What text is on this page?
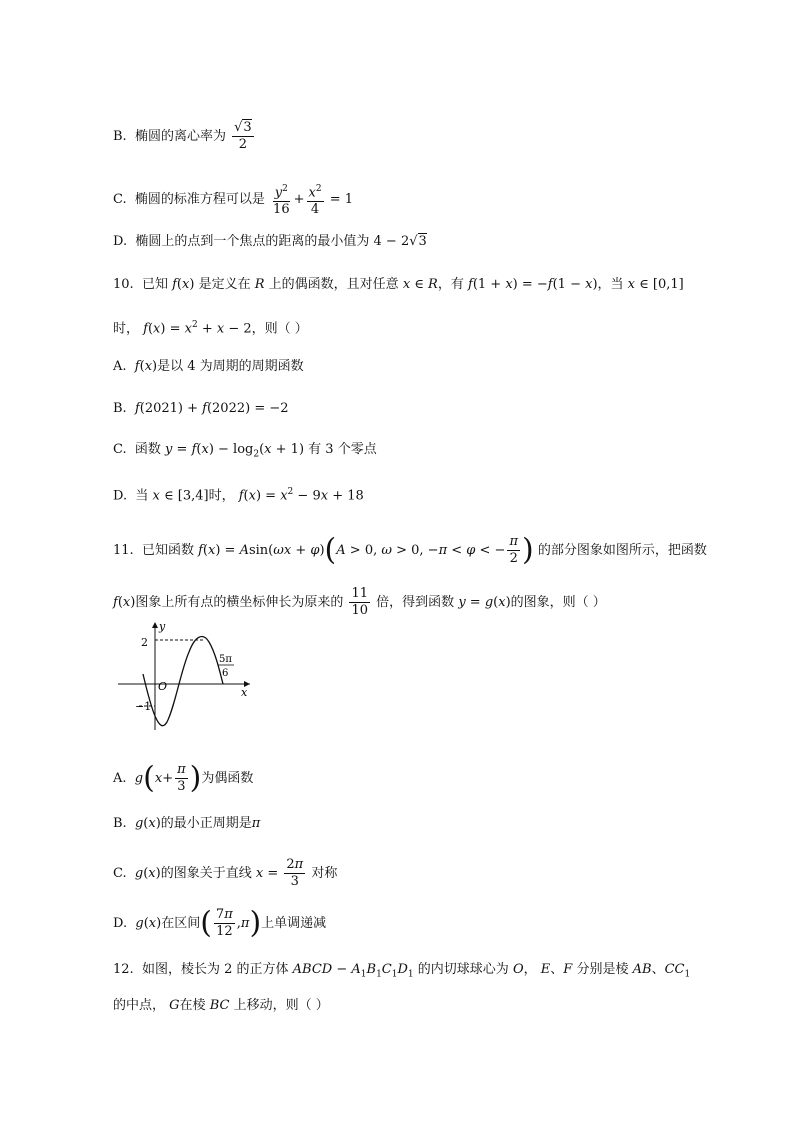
B. 椭圆的离心率为 $\frac{√3}{2}$
C. 椭圆的标准方程可以是 $\frac{y^2}{16} + \frac{x^2}{4} = 1$
D. 椭圆上的点到一个焦点的距离的最小值为 4 − 2√3
10. 已知 f(x) 是定义在 R 上的偶函数，且对任意 x ∈ R，有 f(1 + x) = −f(1 − x)，当 x ∈ [0,1]
时， $f(x) = x^2 + x - 2$，则（ ）
A. f(x)是以 4 为周期的周期函数
B. f(2021) + f(2022) = −2
C. 函数 $y = f(x) - \log_2(x + 1)$ 有 3 个零点
D. 当 x ∈ [3,4]时， $f(x) = x^2 - 9x + 18$
11. 已知函数 f(x) = Asin(ωx + φ)(A > 0, ω > 0, −π < φ < − $\frac{\pi}{2}$ ) 的部分图象如图所示，把函数
f(x)图象上所有点的横坐标伸长为原来的 $\frac{11}{10}$ 倍，得到函数 y = g(x)的图象，则（ ）
2
−1
O
y
x
5π
6
A. $g(x+ \frac{\pi}{3}$ )为偶函数
B. g(x)的最小正周期是π
C. g(x)的图象关于直线 $x = \frac{2\pi}{3}$ 对称
D. g(x)在区间( $\frac{7\pi}{12} ,\pi$)上单调递减
12. 如图，棱长为 2 的正方体 ABCD − $A_1B_1C_1D_1$ 的内切球球心为 O， E、F 分别是棱 AB、$CC_1$
的中点， G在棱 BC 上移动，则（ ）
